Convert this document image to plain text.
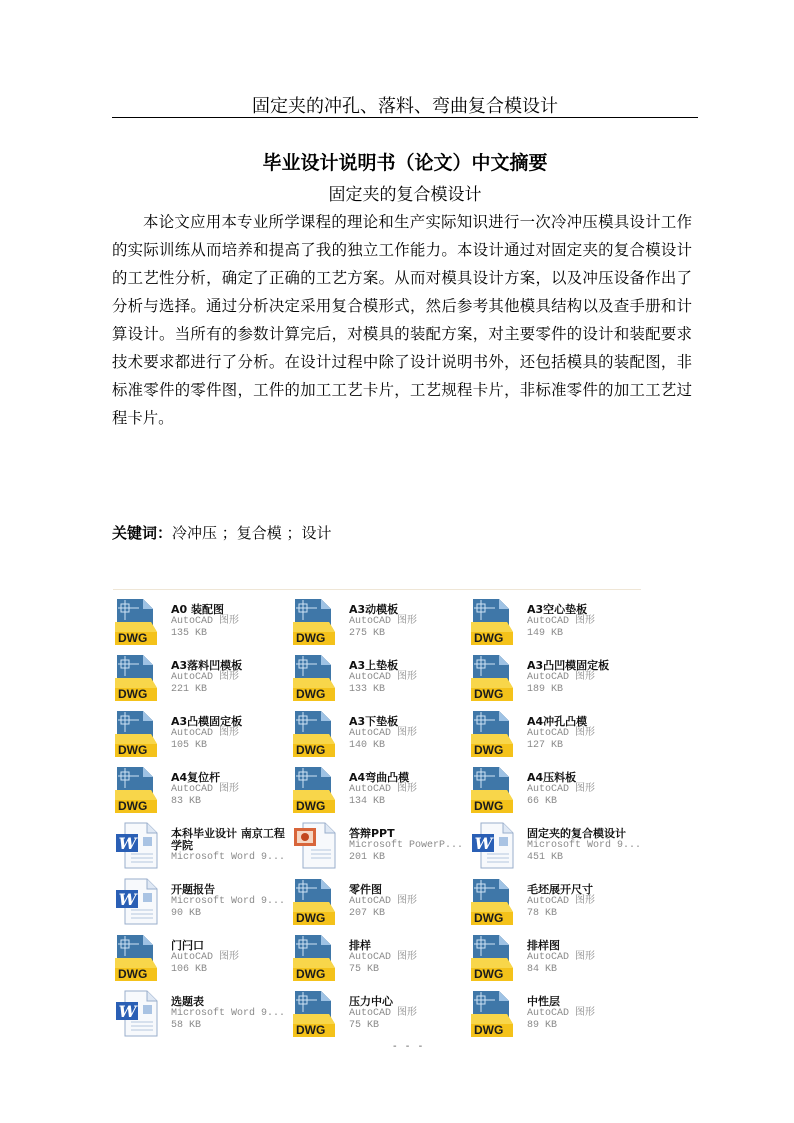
固定夹的冲孔、落料、弯曲复合模设计
毕业设计说明书（论文）中文摘要
固定夹的复合模设计

本论文应用本专业所学课程的理论和生产实际知识进行一次冷冲压模具设计工作的实际训练从而培养和提高了我的独立工作能力。本设计通过对固定夹的复合模设计的工艺性分析，确定了正确的工艺方案。从而对模具设计方案，以及冲压设备作出了分析与选择。通过分析决定采用复合模形式，然后参考其他模具结构以及查手册和计算设计。当所有的参数计算完后，对模具的装配方案，对主要零件的设计和装配要求技术要求都进行了分析。在设计过程中除了设计说明书外，还包括模具的装配图，非标准零件的零件图，工件的加工工艺卡片，工艺规程卡片，非标准零件的加工工艺过程卡片。

关键词：冷冲压 ；复合模 ；设计
DWG
A0 装配图
AutoCAD 图形
135 KB	DWG
A3动模板
AutoCAD 图形
275 KB	DWG
A3空心垫板
AutoCAD 图形
149 KB
DWG
A3落料凹模板
AutoCAD 图形
221 KB	DWG
A3上垫板
AutoCAD 图形
133 KB	DWG
A3凸凹模固定板
AutoCAD 图形
189 KB
DWG
A3凸模固定板
AutoCAD 图形
105 KB	DWG
A3下垫板
AutoCAD 图形
140 KB	DWG
A4冲孔凸模
AutoCAD 图形
127 KB
DWG
A4复位杆
AutoCAD 图形
83 KB	DWG
A4弯曲凸模
AutoCAD 图形
134 KB	DWG
A4压料板
AutoCAD 图形
66 KB
W
本科毕业设计 南京工程学院
Microsoft Word 9...
答辩PPT
Microsoft PowerP...
201 KB
W
固定夹的复合模设计
Microsoft Word 9...
451 KB
W
开题报告
Microsoft Word 9...
90 KB	DWG
零件图
AutoCAD 图形
207 KB	DWG
毛坯展开尺寸
AutoCAD 图形
78 KB
DWG
门闩口
AutoCAD 图形
106 KB	DWG
排样
AutoCAD 图形
75 KB	DWG
排样图
AutoCAD 图形
84 KB
W
选题表
Microsoft Word 9...
58 KB	DWG
压力中心
AutoCAD 图形
75 KB	DWG
中性层
AutoCAD 图形
89 KB
- - -
